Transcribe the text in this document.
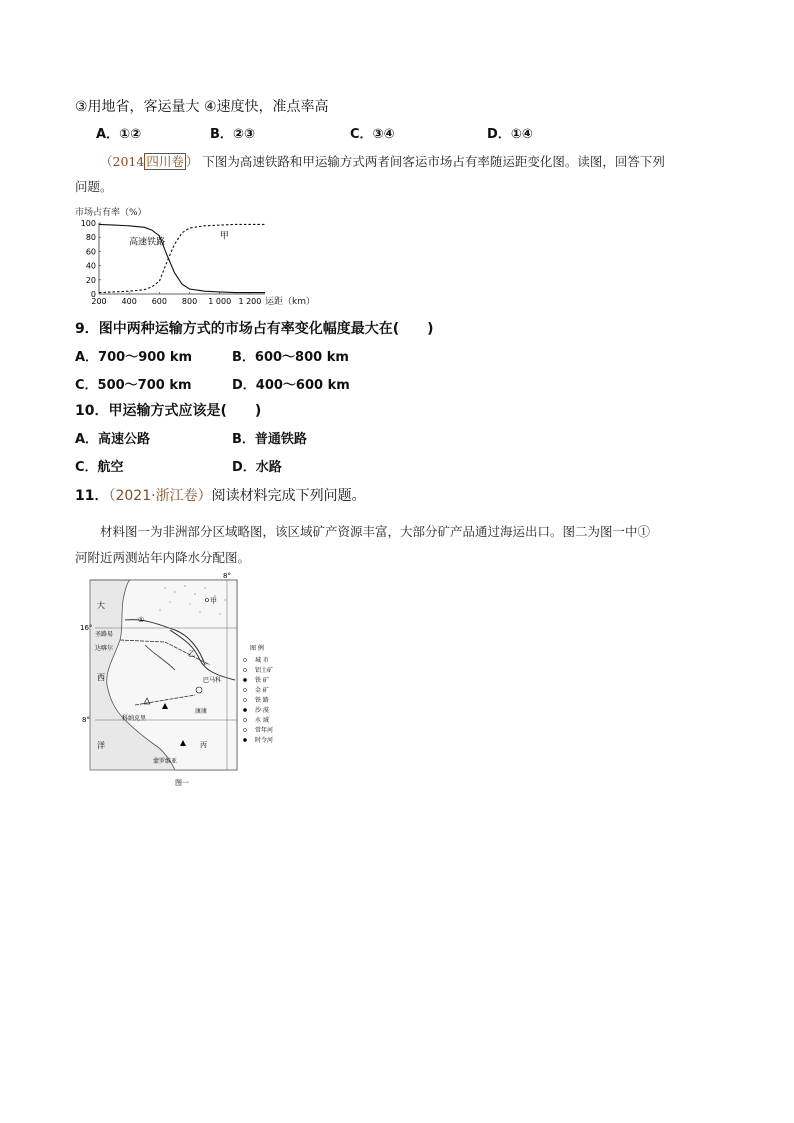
③用地省，客运量大 ④速度快，准点率高
A．①②	B．②③	C．③④	D．①④
（2014 四川卷 ） 下图为高速铁路和甲运输方式两者间客运市场占有率随运距变化图。读图，回答下列
问题。
市场占有率（%）
100
80
60
40
20
0
200 400 600 800 1 000 1 200
高速铁路
甲
运距（km）
9．图中两种运输方式的市场占有率变化幅度最大在(　　)
A．700～900 km	B．600～800 km
C．500～700 km	D．400～600 km
10．甲运输方式应该是(　　)
A．高速公路	B．普通铁路
C．航空	D．水路
11．（2021·浙江卷）阅读材料完成下列问题。
材料图一为非洲部分区域略图，该区域矿产资源丰富，大部分矿产品通过海运出口。图二为图一中①
河附近两测站年内降水分配图。
16°
8°
8°
大
西
洋
甲
圣路易
达喀尔
乙
巴马科
科纳克里
康康
丙
蒙罗维亚
①
图 例
城 市
铝土矿
铁 矿
金 矿
铁 路
沙 漠
水 域
常年河
时令河
图一
